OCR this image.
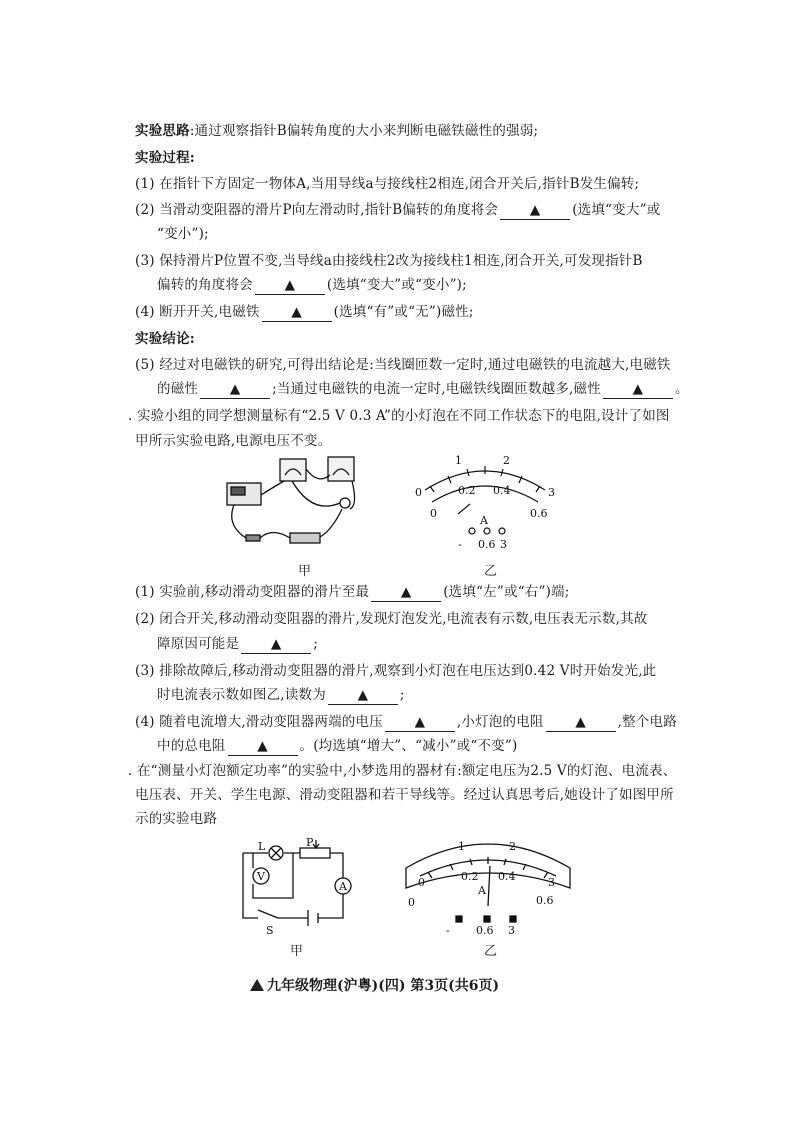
实验思路:通过观察指针B偏转角度的大小来判断电磁铁磁性的强弱;
实验过程:
(1) 在指针下方固定一物体A,当用导线a与接线柱2相连,闭合开关后,指针B发生偏转;
(2) 当滑动变阻器的滑片P向左滑动时,指针B偏转的角度将会 ▲ (选填“变大”或
“变小”);
(3) 保持滑片P位置不变,当导线a由接线柱2改为接线柱1相连,闭合开关,可发现指针B
偏转的角度将会 ▲ (选填“变大”或“变小”);
(4) 断开开关,电磁铁 ▲ (选填“有”或“无”)磁性;
实验结论:
(5) 经过对电磁铁的研究,可得出结论是:当线圈匝数一定时,通过电磁铁的电流越大,电磁铁
的磁性 ▲ ;当通过电磁铁的电流一定时,电磁铁线圈匝数越多,磁性 ▲ 。
. 实验小组的同学想测量标有“2.5 V 0.3 A”的小灯泡在不同工作状态下的电阻,设计了如图
甲所示实验电路,电源电压不变。
甲
1	2
0	3
0.2 0.4
0	0.6
A
- 0.6 3
乙
(1) 实验前,移动滑动变阻器的滑片至最 ▲ (选填“左”或“右”)端;
(2) 闭合开关,移动滑动变阻器的滑片,发现灯泡发光,电流表有示数,电压表无示数,其故
障原因可能是 ▲ ;
(3) 排除故障后,移动滑动变阻器的滑片,观察到小灯泡在电压达到0.42 V时开始发光,此
时电流表示数如图乙,读数为 ▲ ;
(4) 随着电流增大,滑动变阻器两端的电压 ▲ ,小灯泡的电阻 ▲ ,整个电路
中的总电阻 ▲ 。(均选填“增大”、“减小”或“不变”)
. 在“测量小灯泡额定功率”的实验中,小梦选用的器材有:额定电压为2.5 V的灯泡、电流表、
电压表、开关、学生电源、滑动变阻器和若干导线等。经过认真思考后,她设计了如图甲所
示的实验电路
L	P
V
A
S
甲
1	2
0	3
0.2 0.4
0	0.6
A
- 0.6 3
乙
九年级物理(沪粤)(四) 第3页(共6页)
